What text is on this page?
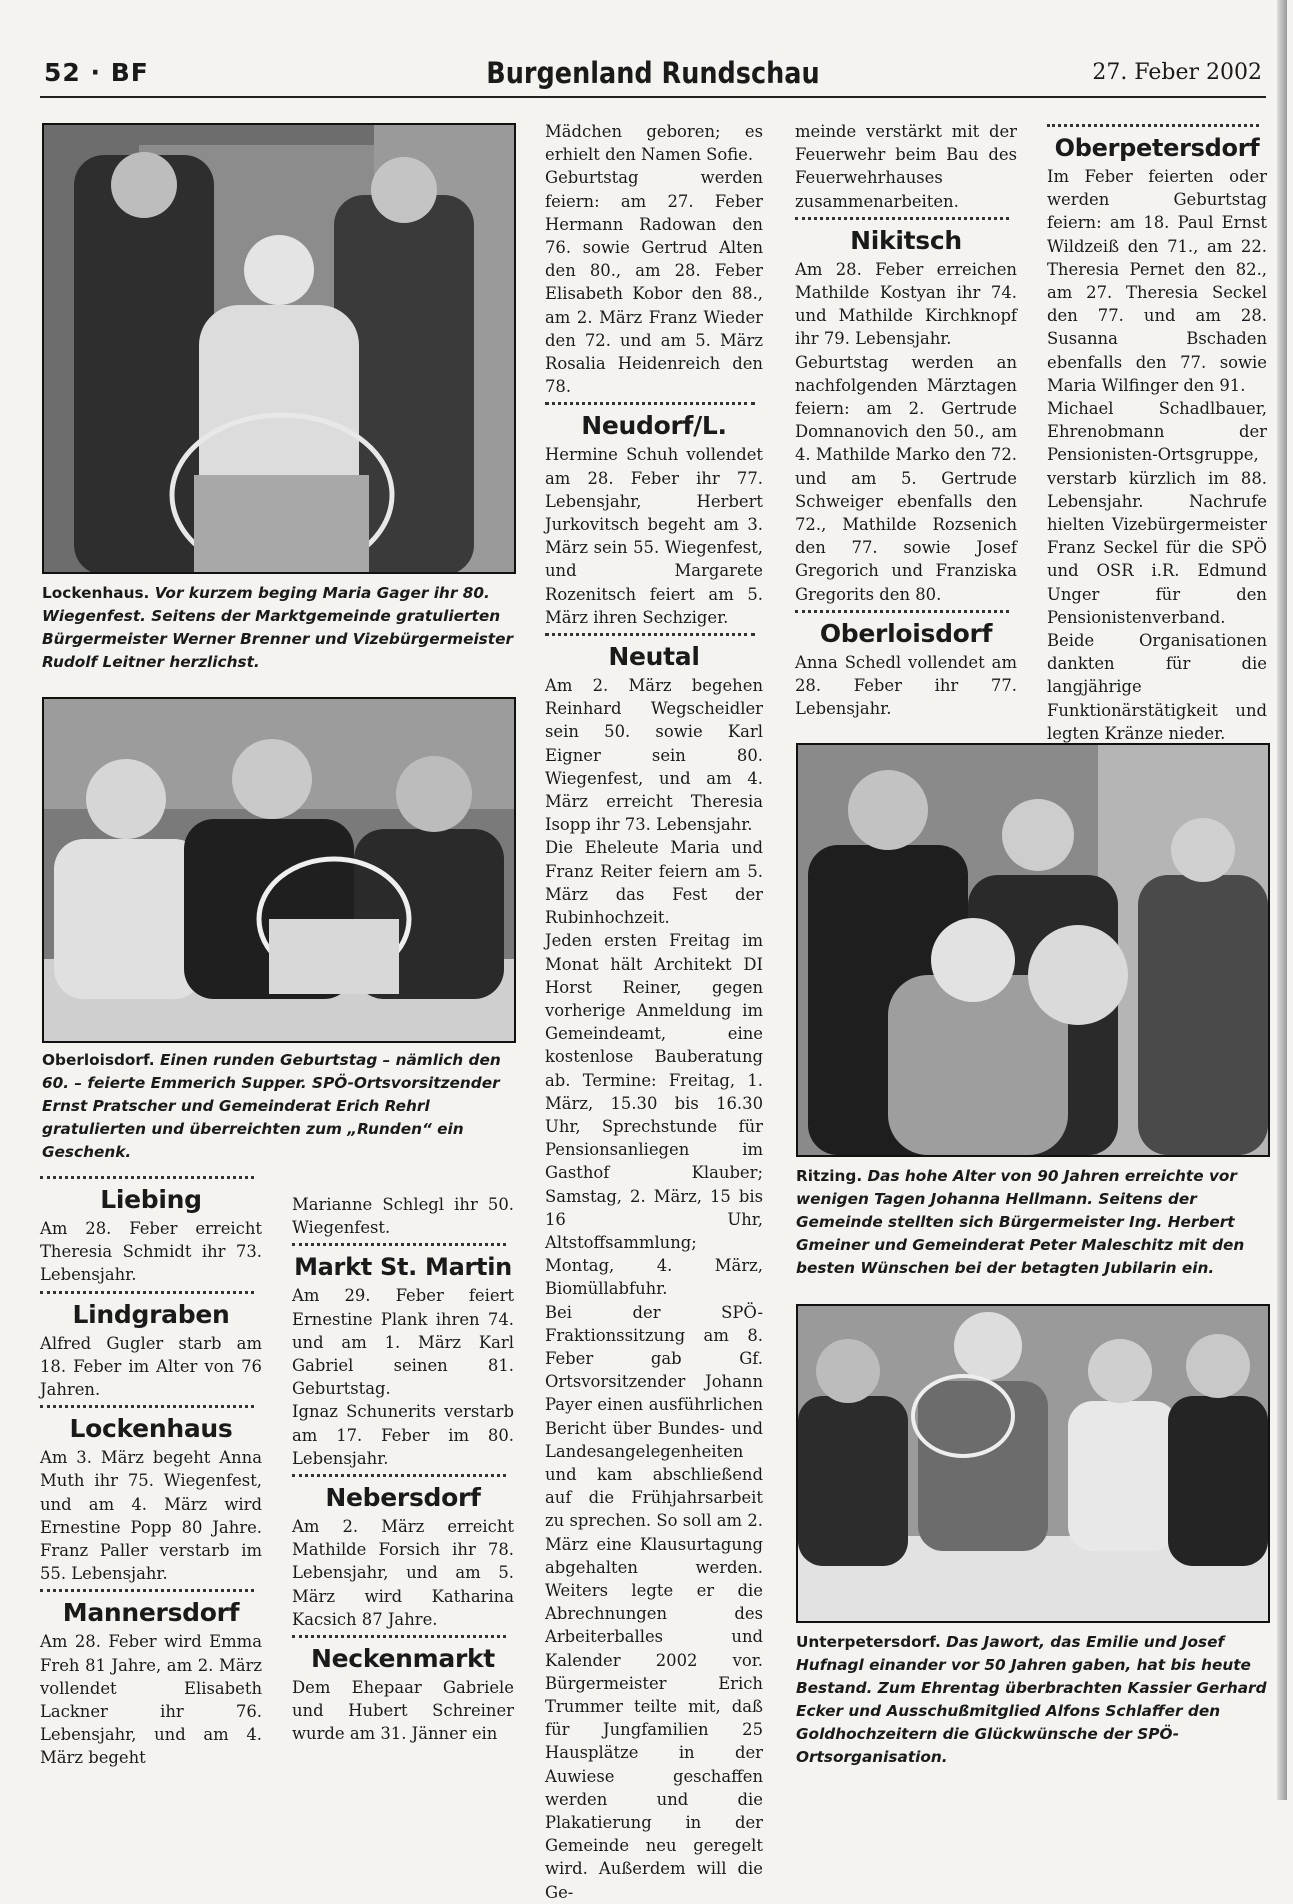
52 · BF	Burgenland Rundschau	27. Feber 2002
Lockenhaus. Vor kurzem beging Maria Gager ihr 80. Wiegenfest. Seitens der Marktgemeinde gratulierten Bürgermeister Werner Brenner und Vizebürgermeister Rudolf Leitner herzlichst.
Oberloisdorf. Einen runden Geburtstag – nämlich den 60. – feierte Emmerich Supper. SPÖ-Ortsvorsitzender Ernst Pratscher und Gemeinderat Erich Rehrl gratulierten und überreichten zum „Runden“ ein Geschenk.
Ritzing. Das hohe Alter von 90 Jahren erreichte vor wenigen Tagen Johanna Hellmann. Seitens der Gemeinde stellten sich Bürgermeister Ing. Herbert Gmeiner und Gemeinderat Peter Maleschitz mit den besten Wünschen bei der betagten Jubilarin ein.
Unterpetersdorf. Das Jawort, das Emilie und Josef Hufnagl einander vor 50 Jahren gaben, hat bis heute Bestand. Zum Ehrentag überbrachten Kassier Gerhard Ecker und Ausschußmitglied Alfons Schlaffer den Goldhochzeitern die Glückwünsche der SPÖ-Ortsorganisation.
Liebing

Am 28. Feber erreicht Theresia Schmidt ihr 73. Lebensjahr.

Lindgraben

Alfred Gugler starb am 18. Feber im Alter von 76 Jahren.

Lockenhaus

Am 3. März begeht Anna Muth ihr 75. Wiegenfest, und am 4. März wird Ernestine Popp 80 Jahre. Franz Paller verstarb im 55. Lebensjahr.

Mannersdorf

Am 28. Feber wird Emma Freh 81 Jahre, am 2. März vollendet Elisabeth Lackner ihr 76. Lebensjahr, und am 4. März begeht

Marianne Schlegl ihr 50. Wiegenfest.

Markt St. Martin

Am 29. Feber feiert Ernestine Plank ihren 74. und am 1. März Karl Gabriel seinen 81. Geburtstag.

Ignaz Schunerits verstarb am 17. Feber im 80. Lebensjahr.

Nebersdorf

Am 2. März erreicht Mathilde Forsich ihr 78. Lebensjahr, und am 5. März wird Katharina Kacsich 87 Jahre.

Neckenmarkt

Dem Ehepaar Gabriele und Hubert Schreiner wurde am 31. Jänner ein

Mädchen geboren; es erhielt den Namen Sofie.

Geburtstag werden feiern: am 27. Feber Hermann Radowan den 76. sowie Gertrud Alten den 80., am 28. Feber Elisabeth Kobor den 88., am 2. März Franz Wieder den 72. und am 5. März Rosalia Heidenreich den 78.

Neudorf/L.

Hermine Schuh vollendet am 28. Feber ihr 77. Lebensjahr, Herbert Jurkovitsch begeht am 3. März sein 55. Wiegenfest, und Margarete Rozenitsch feiert am 5. März ihren Sechziger.

Neutal

Am 2. März begehen Reinhard Wegscheidler sein 50. sowie Karl Eigner sein 80. Wiegenfest, und am 4. März erreicht Theresia Isopp ihr 73. Lebensjahr.

Die Eheleute Maria und Franz Reiter feiern am 5. März das Fest der Rubinhochzeit.

Jeden ersten Freitag im Monat hält Architekt DI Horst Reiner, gegen vorherige Anmeldung im Gemeindeamt, eine kostenlose Bauberatung ab. Termine: Freitag, 1. März, 15.30 bis 16.30 Uhr, Sprechstunde für Pensionsanliegen im Gasthof Klauber; Samstag, 2. März, 15 bis 16 Uhr, Altstoffsammlung; Montag, 4. März, Biomüllabfuhr.

Bei der SPÖ-Fraktionssitzung am 8. Feber gab Gf. Ortsvorsitzender Johann Payer einen ausführlichen Bericht über Bundes- und Landesangelegenheiten und kam abschließend auf die Frühjahrsarbeit zu sprechen. So soll am 2. März eine Klausurtagung abgehalten werden. Weiters legte er die Abrechnungen des Arbeiterballes und Kalender 2002 vor. Bürgermeister Erich Trummer teilte mit, daß für Jungfamilien 25 Hausplätze in der Auwiese geschaffen werden und die Plakatierung in der Gemeinde neu geregelt wird. Außerdem will die Ge-

meinde verstärkt mit der Feuerwehr beim Bau des Feuerwehrhauses zusammenarbeiten.

Nikitsch

Am 28. Feber erreichen Mathilde Kostyan ihr 74. und Mathilde Kirchknopf ihr 79. Lebensjahr.

Geburtstag werden an nachfolgenden Märztagen feiern: am 2. Gertrude Domnanovich den 50., am 4. Mathilde Marko den 72. und am 5. Gertrude Schweiger ebenfalls den 72., Mathilde Rozsenich den 77. sowie Josef Gregorich und Franziska Gregorits den 80.

Oberloisdorf

Anna Schedl vollendet am 28. Feber ihr 77. Lebensjahr.

Oberpetersdorf

Im Feber feierten oder werden Geburtstag feiern: am 18. Paul Ernst Wildzeiß den 71., am 22. Theresia Pernet den 82., am 27. Theresia Seckel den 77. und am 28. Susanna Bschaden ebenfalls den 77. sowie Maria Wilfinger den 91.

Michael Schadlbauer, Ehrenobmann der Pensionisten-Ortsgruppe, verstarb kürzlich im 88. Lebensjahr. Nachrufe hielten Vizebürgermeister Franz Seckel für die SPÖ und OSR i.R. Edmund Unger für den Pensionistenverband. Beide Organisationen dankten für die langjährige Funktionärstätigkeit und legten Kränze nieder.
